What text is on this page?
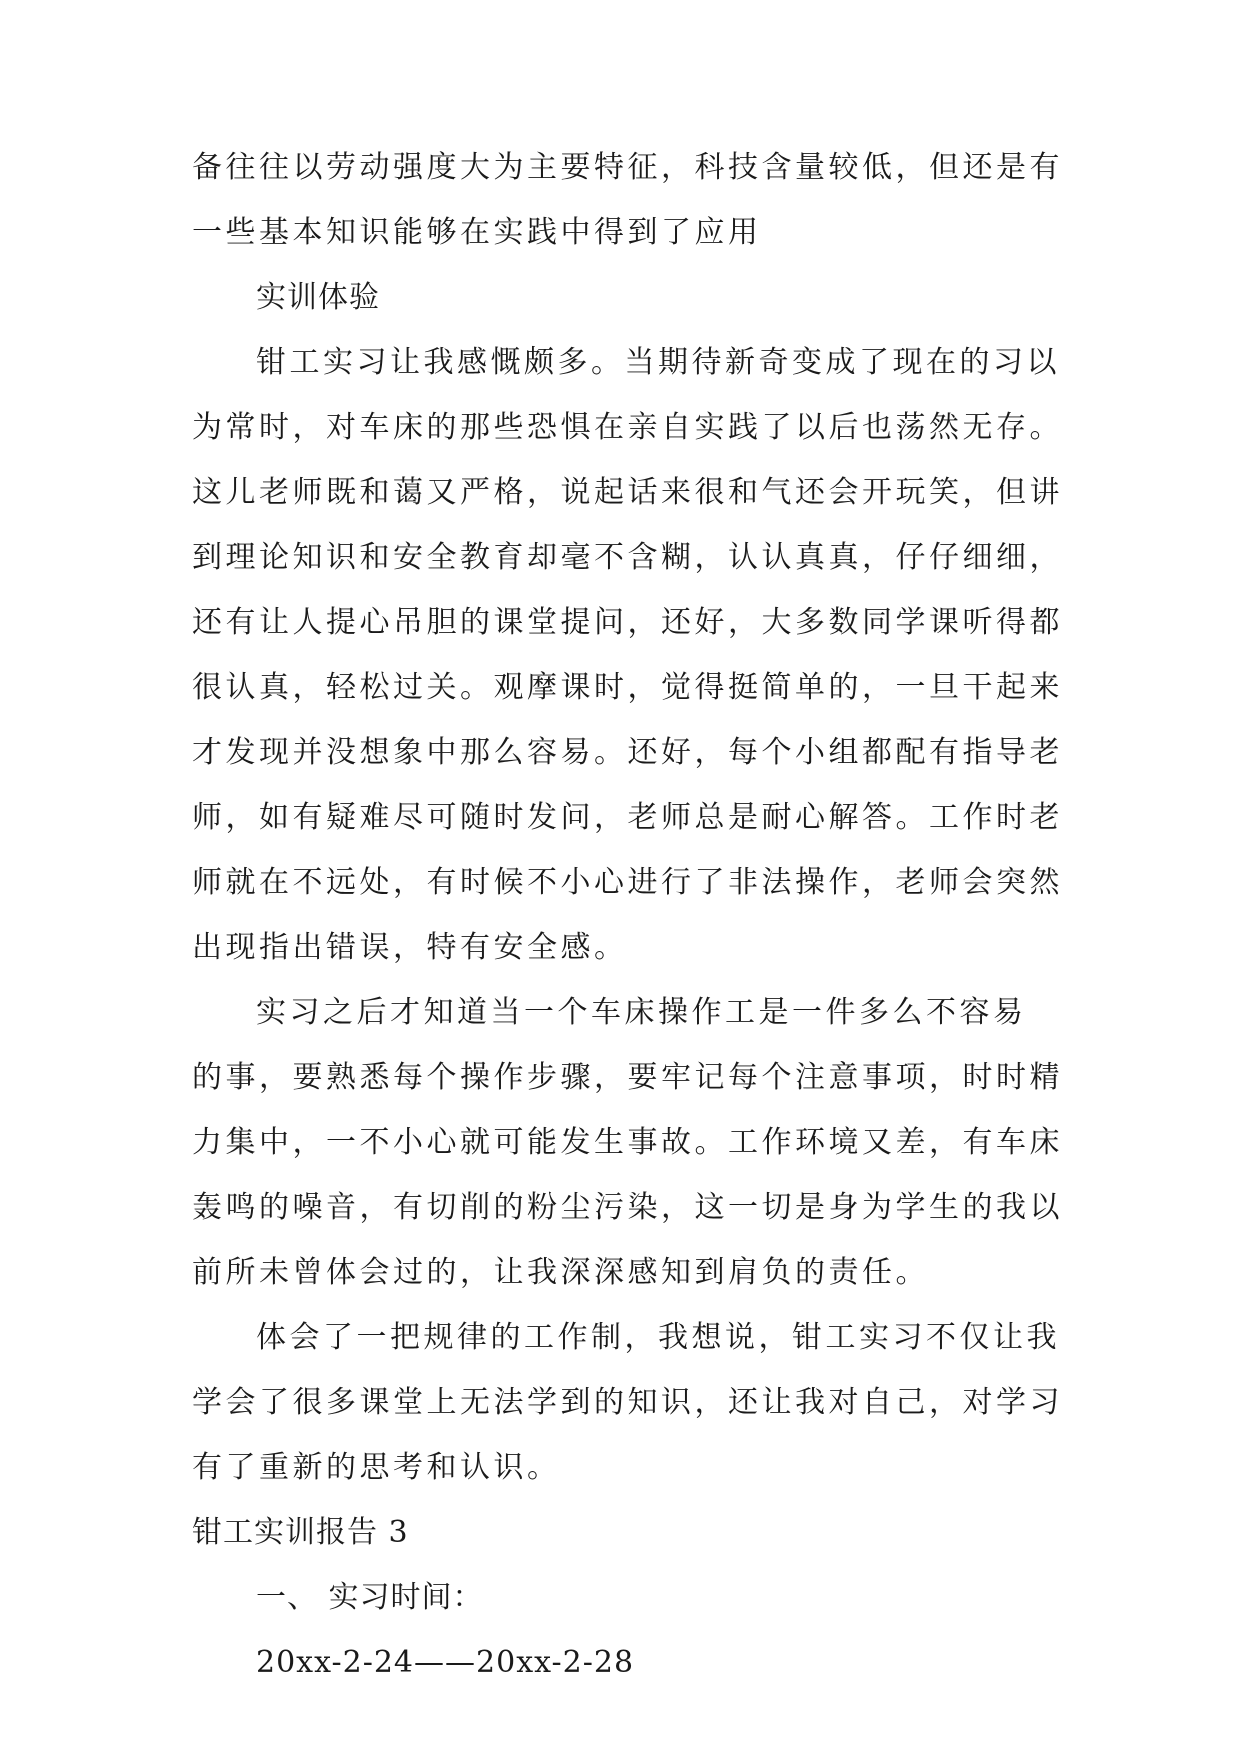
备往往以劳动强度大为主要特征，科技含量较低，但还是有
一些基本知识能够在实践中得到了应用
实训体验
钳工实习让我感慨颇多。当期待新奇变成了现在的习以
为常时，对车床的那些恐惧在亲自实践了以后也荡然无存。
这儿老师既和蔼又严格，说起话来很和气还会开玩笑，但讲
到理论知识和安全教育却毫不含糊，认认真真，仔仔细细，
还有让人提心吊胆的课堂提问，还好，大多数同学课听得都
很认真，轻松过关。观摩课时，觉得挺简单的，一旦干起来
才发现并没想象中那么容易。还好，每个小组都配有指导老
师，如有疑难尽可随时发问，老师总是耐心解答。工作时老
师就在不远处，有时候不小心进行了非法操作，老师会突然
出现指出错误，特有安全感。
实习之后才知道当一个车床操作工是一件多么不容易
的事，要熟悉每个操作步骤，要牢记每个注意事项，时时精
力集中，一不小心就可能发生事故。工作环境又差，有车床
轰鸣的噪音，有切削的粉尘污染，这一切是身为学生的我以
前所未曾体会过的，让我深深感知到肩负的责任。
体会了一把规律的工作制，我想说，钳工实习不仅让我
学会了很多课堂上无法学到的知识，还让我对自己，对学习
有了重新的思考和认识。
钳工实训报告 3
一、 实习时间：
20xx-2-24——20xx-2-28
